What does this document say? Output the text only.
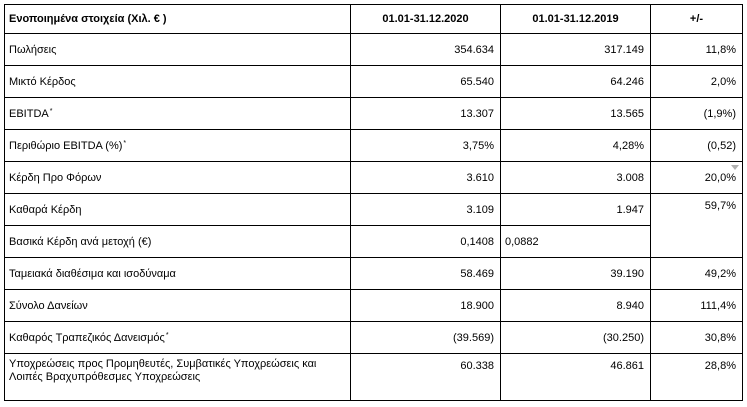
Ενοποιημένα στοιχεία (Χιλ. € )	01.01-31.12.2020	01.01-31.12.2019	+/-
Πωλήσεις	354.634	317.149	11,8%
Μικτό Κέρδος	65.540	64.246	2,0%
EBITDA*	13.307	13.565	(1,9%)
Περιθώριο EBITDA (%)*	3,75%	4,28%	(0,52)
Κέρδη Προ Φόρων	3.610	3.008	20,0%
Καθαρά Κέρδη	3.109	1.947	59,7%
Βασικά Κέρδη ανά μετοχή (€)	0,1408	0,0882	
Ταμειακά διαθέσιμα και ισοδύναμα	58.469	39.190	49,2%
Σύνολο Δανείων	18.900	8.940	111,4%
Καθαρός Τραπεζικός Δανεισμός*	(39.569)	(30.250)	30,8%
Υποχρεώσεις προς Προμηθευτές, Συμβατικές Υποχρεώσεις και Λοιπές Βραχυπρόθεσμες Υποχρεώσεις	60.338	46.861	28,8%
